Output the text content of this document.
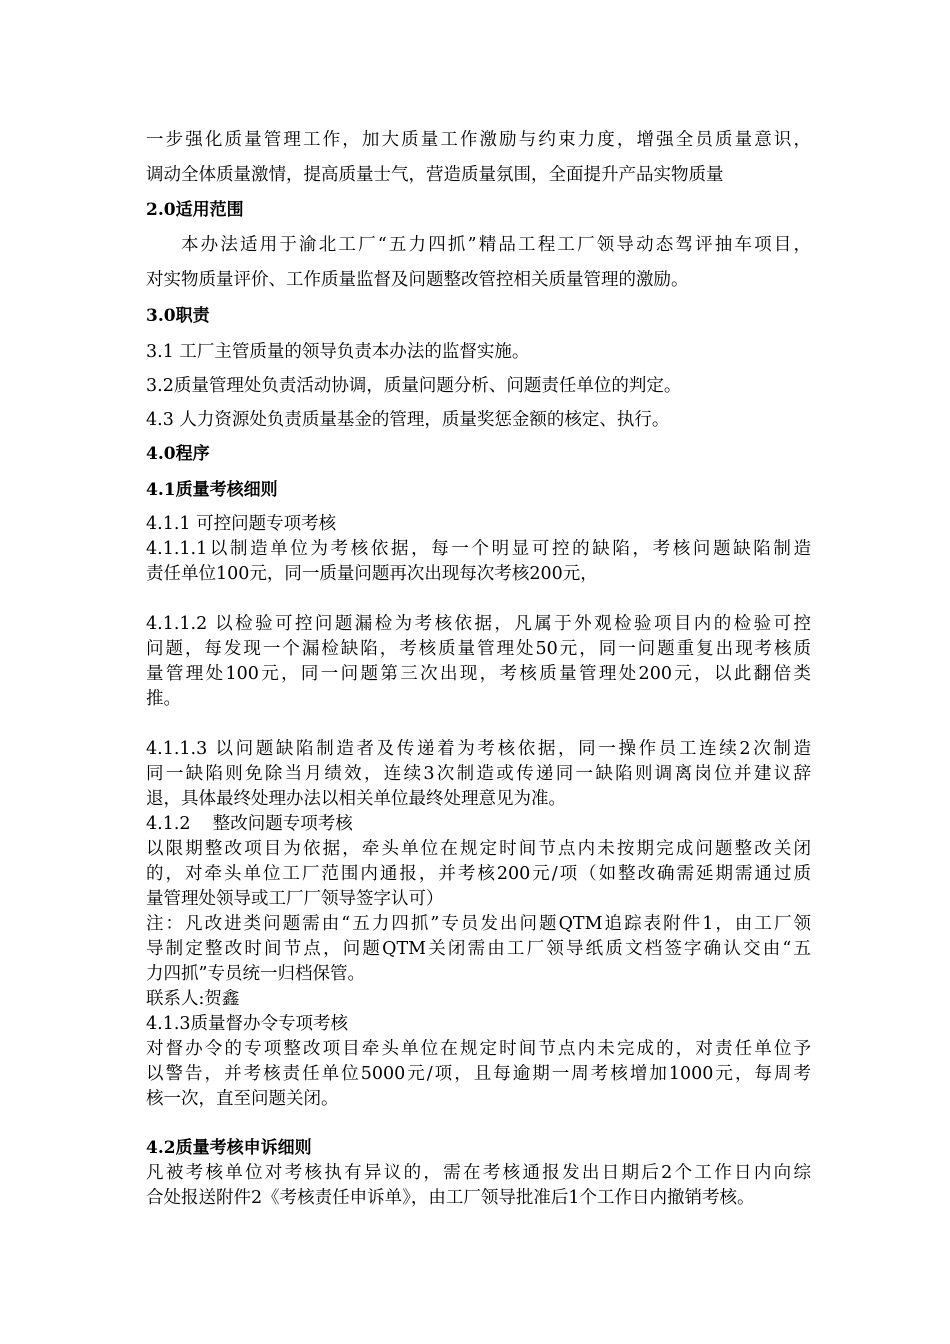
一步强化质量管理工作，加大质量工作激励与约束力度，增强全员质量意识，
调动全体质量激情，提高质量士气，营造质量氛围，全面提升产品实物质量
2.0适用范围
本办法适用于渝北工厂“五力四抓”精品工程工厂领导动态驾评抽车项目，
对实物质量评价、工作质量监督及问题整改管控相关质量管理的激励。
3.0职责
3.1 工厂主管质量的领导负责本办法的监督实施。
3.2质量管理处负责活动协调，质量问题分析、问题责任单位的判定。
4.3 人力资源处负责质量基金的管理，质量奖惩金额的核定、执行。
4.0程序
4.1质量考核细则
4.1.1 可控问题专项考核
4.1.1.1以制造单位为考核依据，每一个明显可控的缺陷，考核问题缺陷制造
责任单位100元，同一质量问题再次出现每次考核200元，
4.1.1.2 以检验可控问题漏检为考核依据，凡属于外观检验项目内的检验可控
问题，每发现一个漏检缺陷，考核质量管理处50元，同一问题重复出现考核质
量管理处100元，同一问题第三次出现，考核质量管理处200元，以此翻倍类
推。
4.1.1.3 以问题缺陷制造者及传递着为考核依据，同一操作员工连续2次制造
同一缺陷则免除当月绩效，连续3次制造或传递同一缺陷则调离岗位并建议辞
退，具体最终处理办法以相关单位最终处理意见为准。
4.1.2    整改问题专项考核
以限期整改项目为依据，牵头单位在规定时间节点内未按期完成问题整改关闭
的，对牵头单位工厂范围内通报，并考核200元/项（如整改确需延期需通过质
量管理处领导或工厂厂领导签字认可）
注：凡改进类问题需由“五力四抓”专员发出问题QTM追踪表附件1，由工厂领
导制定整改时间节点，问题QTM关闭需由工厂领导纸质文档签字确认交由“五
力四抓”专员统一归档保管。
联系人:贺鑫
4.1.3质量督办令专项考核
对督办令的专项整改项目牵头单位在规定时间节点内未完成的，对责任单位予
以警告，并考核责任单位5000元/项，且每逾期一周考核增加1000元，每周考
核一次，直至问题关闭。
4.2质量考核申诉细则
凡被考核单位对考核执有异议的，需在考核通报发出日期后2个工作日内向综
合处报送附件2《考核责任申诉单》，由工厂领导批准后1个工作日内撤销考核。
